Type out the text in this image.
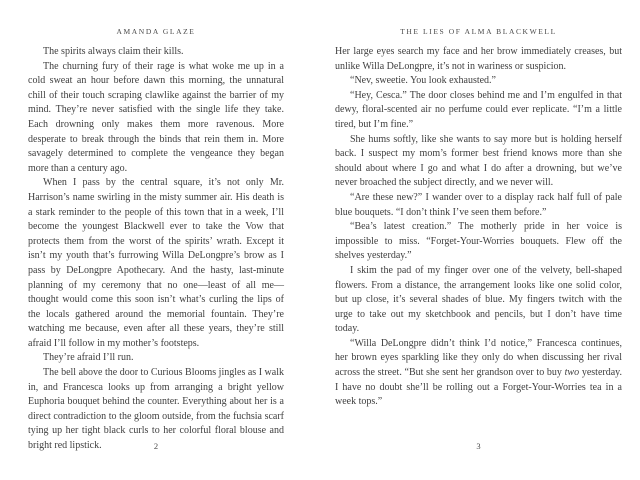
AMANDA GLAZE

The spirits always claim their kills.

The churning fury of their rage is what woke me up in a cold sweat an hour before dawn this morning, the unnatural chill of their touch scraping clawlike against the barrier of my mind. They’re never satisfied with the single life they take. Each drowning only makes them more ravenous. More desperate to break through the binds that rein them in. More savagely determined to complete the vengeance they began more than a century ago.

When I pass by the central square, it’s not only Mr. Harrison’s name swirling in the misty summer air. His death is a stark reminder to the people of this town that in a week, I’ll become the youngest Blackwell ever to take the Vow that protects them from the worst of the spirits’ wrath. Except it isn’t my youth that’s furrowing Willa DeLongpre’s brow as I pass by DeLongpre Apothecary. And the hasty, last-minute planning of my ceremony that no one—least of all me—thought would come this soon isn’t what’s curling the lips of the locals gathered around the memorial fountain. They’re watching me because, even after all these years, they’re still afraid I’ll follow in my mother’s footsteps.

They’re afraid I’ll run.

The bell above the door to Curious Blooms jingles as I walk in, and Francesca looks up from arranging a bright yellow Euphoria bouquet behind the counter. Everything about her is a direct contradiction to the gloom outside, from the fuchsia scarf tying up her tight black curls to her colorful floral blouse and bright red lipstick.	2
THE LIES OF ALMA BLACKWELL

Her large eyes search my face and her brow immediately creases, but unlike Willa DeLongpre, it’s not in wariness or suspicion.

“Nev, sweetie. You look exhausted.”

“Hey, Cesca.” The door closes behind me and I’m engulfed in that dewy, floral-scented air no perfume could ever replicate. “I’m a little tired, but I’m fine.”

She hums softly, like she wants to say more but is holding herself back. I suspect my mom’s former best friend knows more than she should about where I go and what I do after a drowning, but we’ve never broached the subject directly, and we never will.

“Are these new?” I wander over to a display rack half full of pale blue bouquets. “I don’t think I’ve seen them before.”

“Bea’s latest creation.” The motherly pride in her voice is impossible to miss. “Forget-Your-Worries bouquets. Flew off the shelves yesterday.”

I skim the pad of my finger over one of the velvety, bell-shaped flowers. From a distance, the arrangement looks like one solid color, but up close, it’s several shades of blue. My fingers twitch with the urge to take out my sketchbook and pencils, but I don’t have time today.

“Willa DeLongpre didn’t think I’d notice,” Francesca continues, her brown eyes sparkling like they only do when discussing her rival across the street. “But she sent her grandson over to buy two yesterday. I have no doubt she’ll be rolling out a Forget-Your-Worries tea in a week tops.”

3
